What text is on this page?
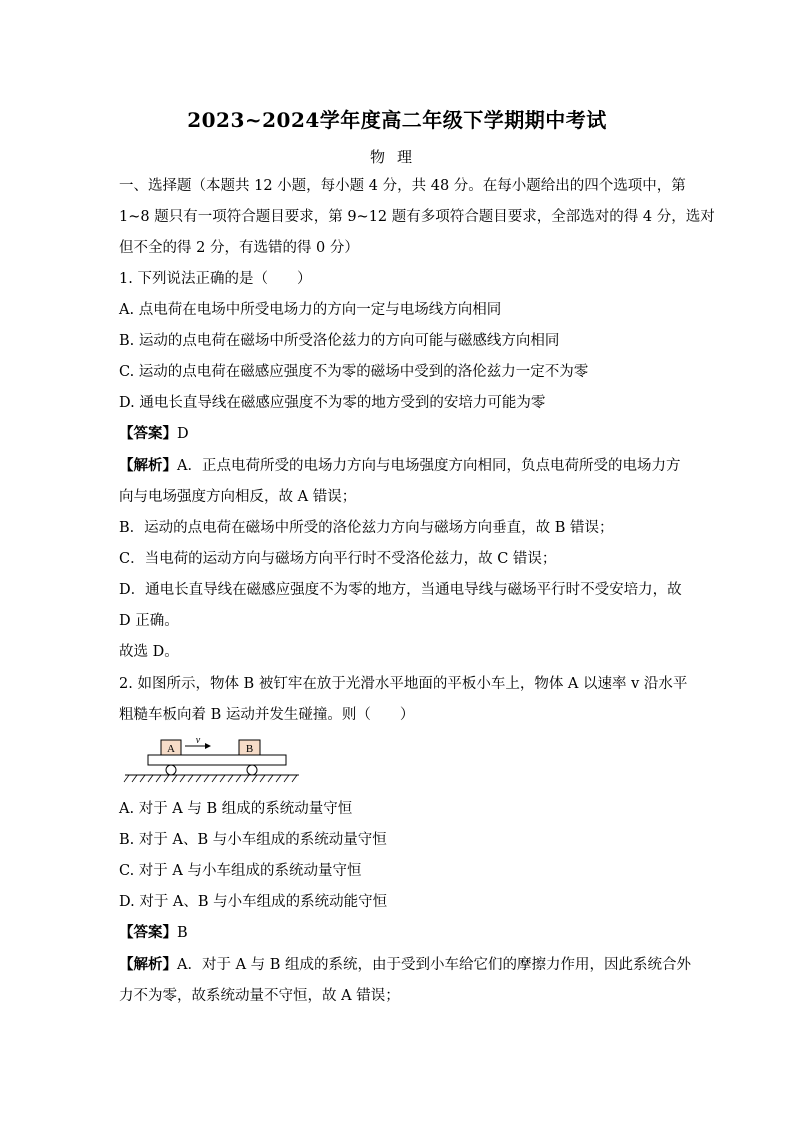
2023~2024学年度高二年级下学期期中考试
物理
一、选择题（本题共 12 小题，每小题 4 分，共 48 分。在每小题给出的四个选项中，第
1~8 题只有一项符合题目要求，第 9~12 题有多项符合题目要求，全部选对的得 4 分，选对
但不全的得 2 分，有选错的得 0 分）
1. 下列说法正确的是（　　）
A. 点电荷在电场中所受电场力的方向一定与电场线方向相同
B. 运动的点电荷在磁场中所受洛伦兹力的方向可能与磁感线方向相同
C. 运动的点电荷在磁感应强度不为零的磁场中受到的洛伦兹力一定不为零
D. 通电长直导线在磁感应强度不为零的地方受到的安培力可能为零
【答案】D
【解析】A．正点电荷所受的电场力方向与电场强度方向相同，负点电荷所受的电场力方
向与电场强度方向相反，故 A 错误；
B．运动的点电荷在磁场中所受的洛伦兹力方向与磁场方向垂直，故 B 错误；
C．当电荷的运动方向与磁场方向平行时不受洛伦兹力，故 C 错误；
D．通电长直导线在磁感应强度不为零的地方，当通电导线与磁场平行时不受安培力，故
D 正确。
故选 D。
2. 如图所示，物体 B 被钉牢在放于光滑水平地面的平板小车上，物体 A 以速率 v 沿水平
粗糙车板向着 B 运动并发生碰撞。则（　　）
A	B
v
A. 对于 A 与 B 组成的系统动量守恒
B. 对于 A、B 与小车组成的系统动量守恒
C. 对于 A 与小车组成的系统动量守恒
D. 对于 A、B 与小车组成的系统动能守恒
【答案】B
【解析】A．对于 A 与 B 组成的系统，由于受到小车给它们的摩擦力作用，因此系统合外
力不为零，故系统动量不守恒，故 A 错误；
